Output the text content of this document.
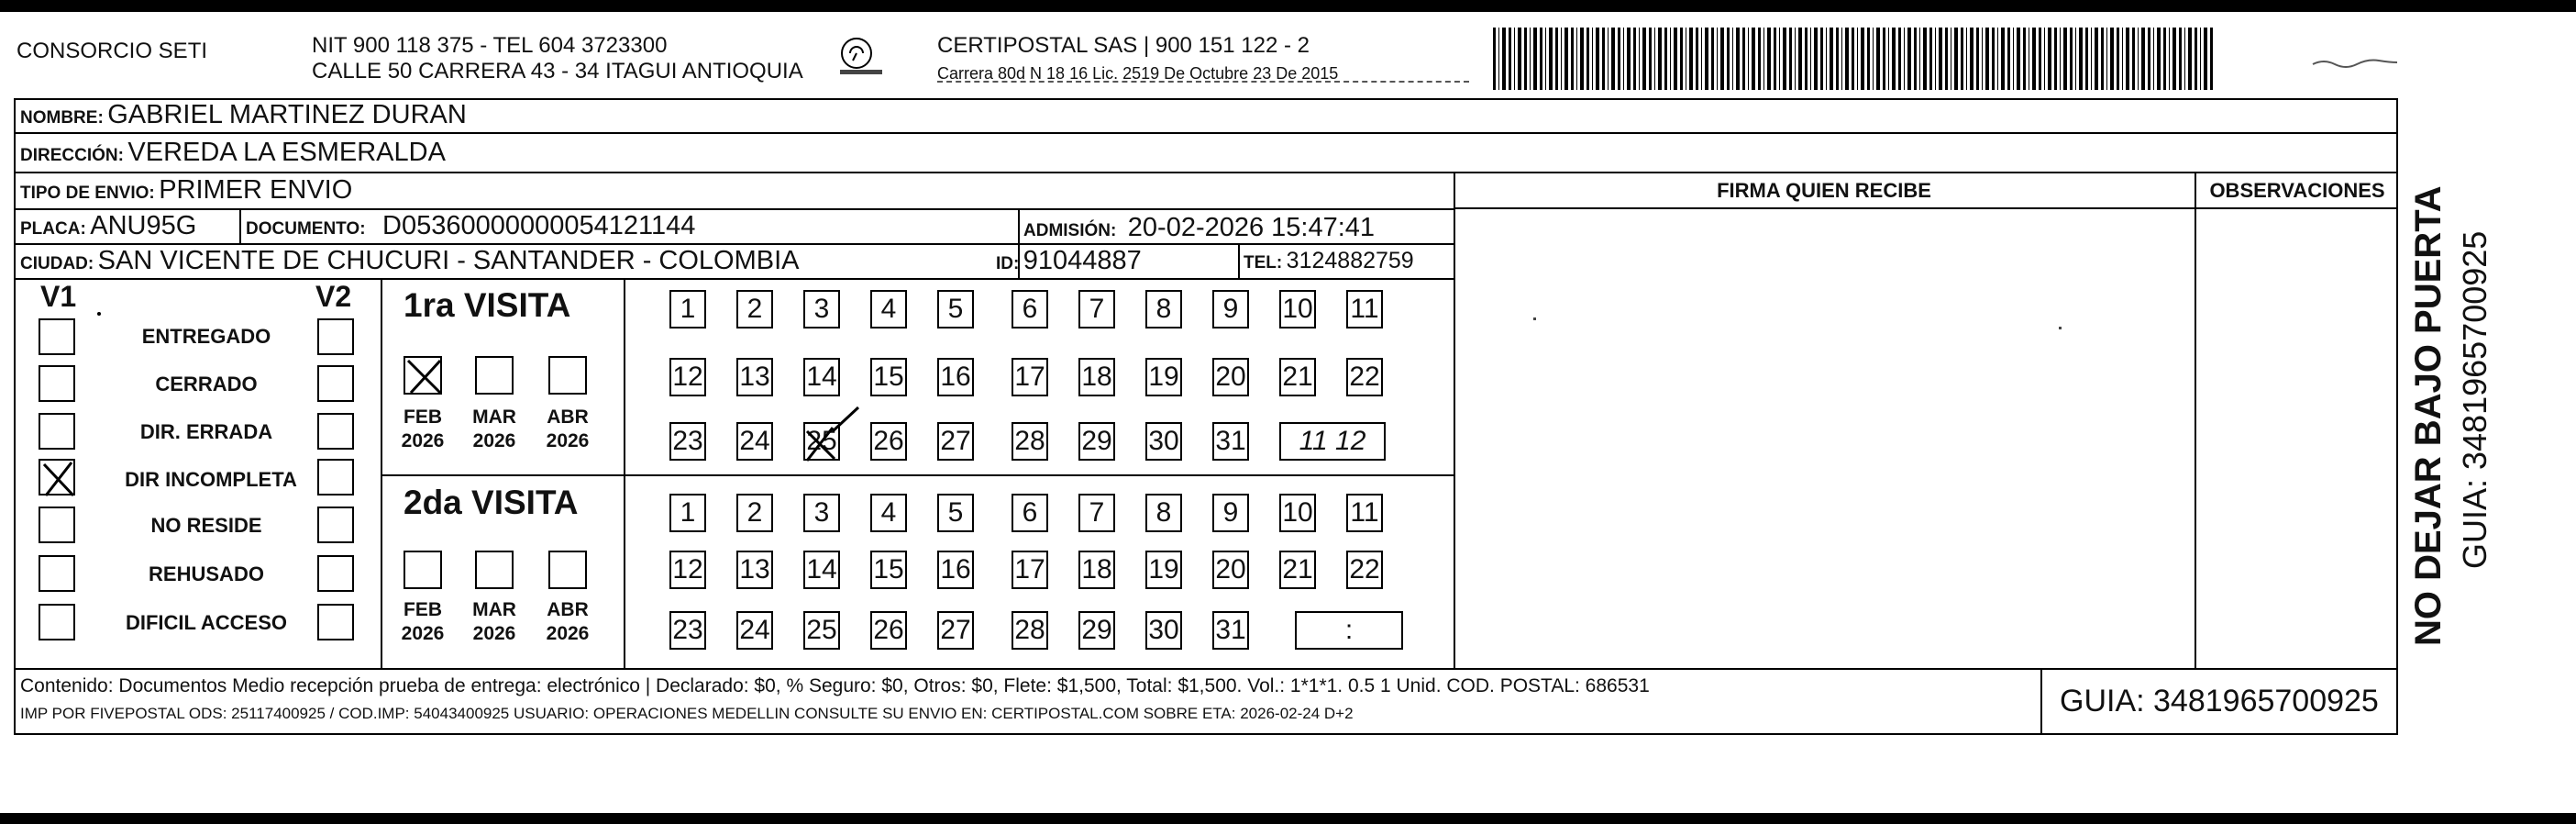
CONSORCIO SETI	NIT 900 118 375 - TEL 604 3723300
CALLE 50 CARRERA 43 - 34 ITAGUI ANTIOQUIA
CERTIPOSTAL SAS | 900 151 122 - 2
Carrera 80d N 18 16 Lic. 2519 De Octubre 23 De 2015
NOMBRE: GABRIEL MARTINEZ DURAN
DIRECCIÓN: VEREDA LA ESMERALDA
TIPO DE ENVIO: PRIMER ENVIO
PLACA: ANU95G	DOCUMENTO: D05360000000054121144	ADMISIÓN: 20-02-2026 15:47:41
CIUDAD: SAN VICENTE DE CHUCURI - SANTANDER - COLOMBIA	ID: 91044887	TEL: 3124882759
FIRMA QUIEN RECIBE	OBSERVACIONES
V1	V2
ENTREGADO
CERRADO
DIR. ERRADA
DIR INCOMPLETA
NO RESIDE
REHUSADO
DIFICIL ACCESO
1ra VISITA
FEB
2026
MAR
2026
ABR
2026
1	2	3	4	5	6	7	8	9	10 11
12 13 14 15 16 17 18 19 20 21 22
23 24 25 26 27 28 29 30 31	11 12
2da VISITA
FEB
2026
MAR
2026
ABR
2026
1	2	3	4	5	6	7	8	9	10 11
12 13 14 15 16 17 18 19 20 21 22
23 24 25 26 27 28 29 30 31	:
Contenido: Documentos Medio recepción prueba de entrega: electrónico | Declarado: $0, % Seguro: $0, Otros: $0, Flete: $1,500, Total: $1,500. Vol.: 1*1*1. 0.5 1 Unid. COD. POSTAL: 686531
IMP POR FIVEPOSTAL ODS: 25117400925 / COD.IMP: 54043400925 USUARIO: OPERACIONES MEDELLIN CONSULTE SU ENVIO EN: CERTIPOSTAL.COM SOBRE ETA: 2026-02-24 D+2	GUIA: 3481965700925
NO DEJAR BAJO PUERTA GUIA: 3481965700925
